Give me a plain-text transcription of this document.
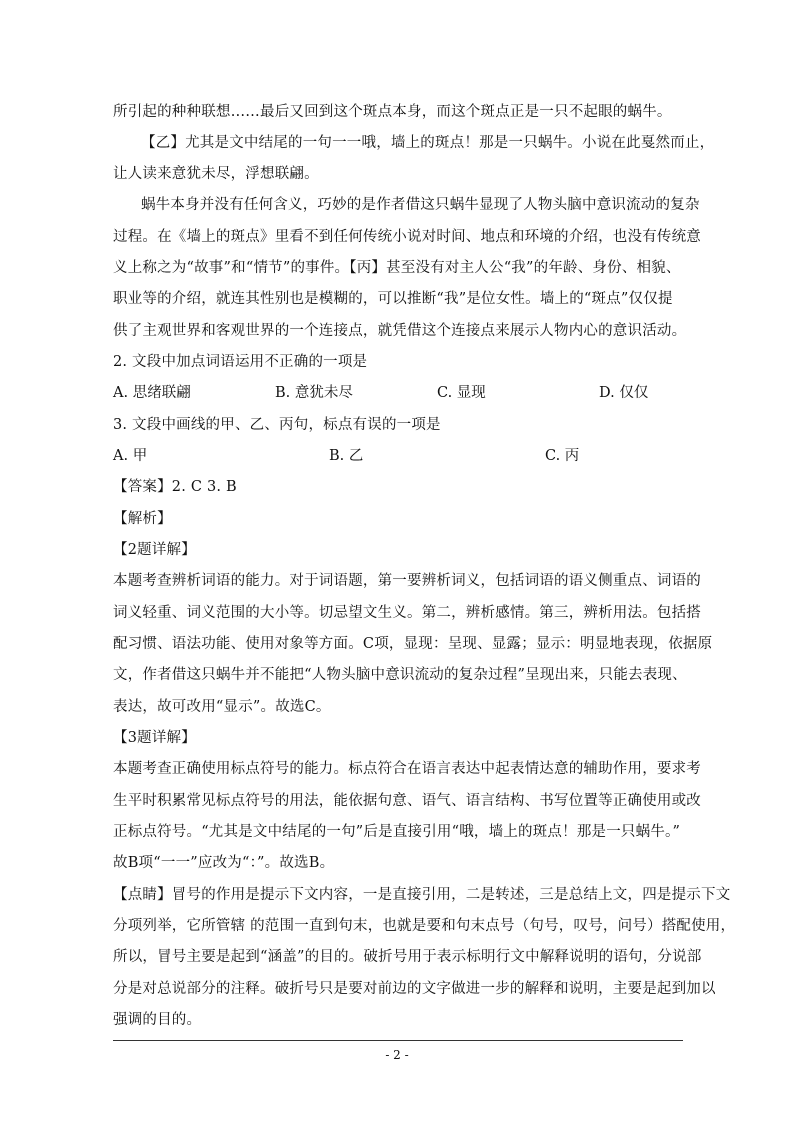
所引起的种种联想……最后又回到这个斑点本身，而这个斑点正是一只不起眼的蜗牛。
【乙】尤其是文中结尾的一句一一哦，墙上的斑点！那是一只蜗牛。小说在此戛然而止，
让人读来意犹未尽，浮想联翩。
蜗牛本身并没有任何含义，巧妙的是作者借这只蜗牛显现了人物头脑中意识流动的复杂
过程。在《墙上的斑点》里看不到任何传统小说对时间、地点和环境的介绍，也没有传统意
义上称之为“故事”和“情节”的事件。【丙】甚至没有对主人公“我”的年龄、身份、相貌、
职业等的介绍，就连其性别也是模糊的，可以推断“我”是位女性。墙上的“斑点”仅仅提
供了主观世界和客观世界的一个连接点，就凭借这个连接点来展示人物内心的意识活动。
2. 文段中加点词语运用不正确的一项是
A. 思绪联翩	B. 意犹未尽	C. 显现	D. 仅仅
3. 文段中画线的甲、乙、丙句，标点有误的一项是
A. 甲	B. 乙	C. 丙
【答案】2. C 3. B
【解析】
【2题详解】
本题考查辨析词语的能力。对于词语题，第一要辨析词义，包括词语的语义侧重点、词语的
词义轻重、词义范围的大小等。切忌望文生义。第二，辨析感情。第三，辨析用法。包括搭
配习惯、语法功能、使用对象等方面。C项，显现：呈现、显露；显示：明显地表现，依据原
文，作者借这只蜗牛并不能把“人物头脑中意识流动的复杂过程”呈现出来，只能去表现、
表达，故可改用“显示”。故选C。
【3题详解】
本题考查正确使用标点符号的能力。标点符合在语言表达中起表情达意的辅助作用，要求考
生平时积累常见标点符号的用法，能依据句意、语气、语言结构、书写位置等正确使用或改
正标点符号。“尤其是文中结尾的一句”后是直接引用“哦，墙上的斑点！那是一只蜗牛。”
故B项“一一”应改为“：”。故选B。
【点睛】冒号的作用是提示下文内容，一是直接引用，二是转述，三是总结上文，四是提示下文
分项列举，它所管辖 的范围一直到句末，也就是要和句末点号（句号，叹号，问号）搭配使用，
所以，冒号主要是起到“涵盖”的目的。破折号用于表示标明行文中解释说明的语句，分说部
分是对总说部分的注释。破折号只是要对前边的文字做进一步的解释和说明，主要是起到加以
强调的目的。
- 2 -
